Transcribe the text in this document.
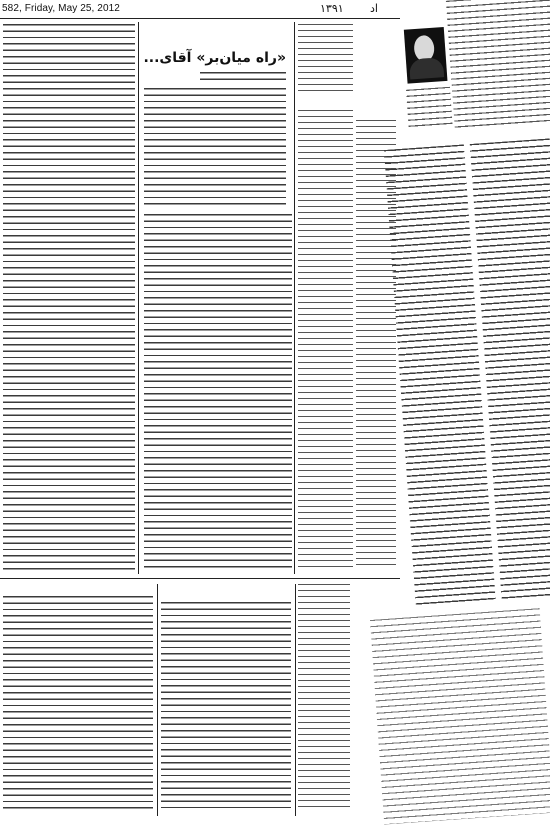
582, Friday, May 25, 2012	۱۳۹۱ اد
«راه میان‌بر» آقای...
